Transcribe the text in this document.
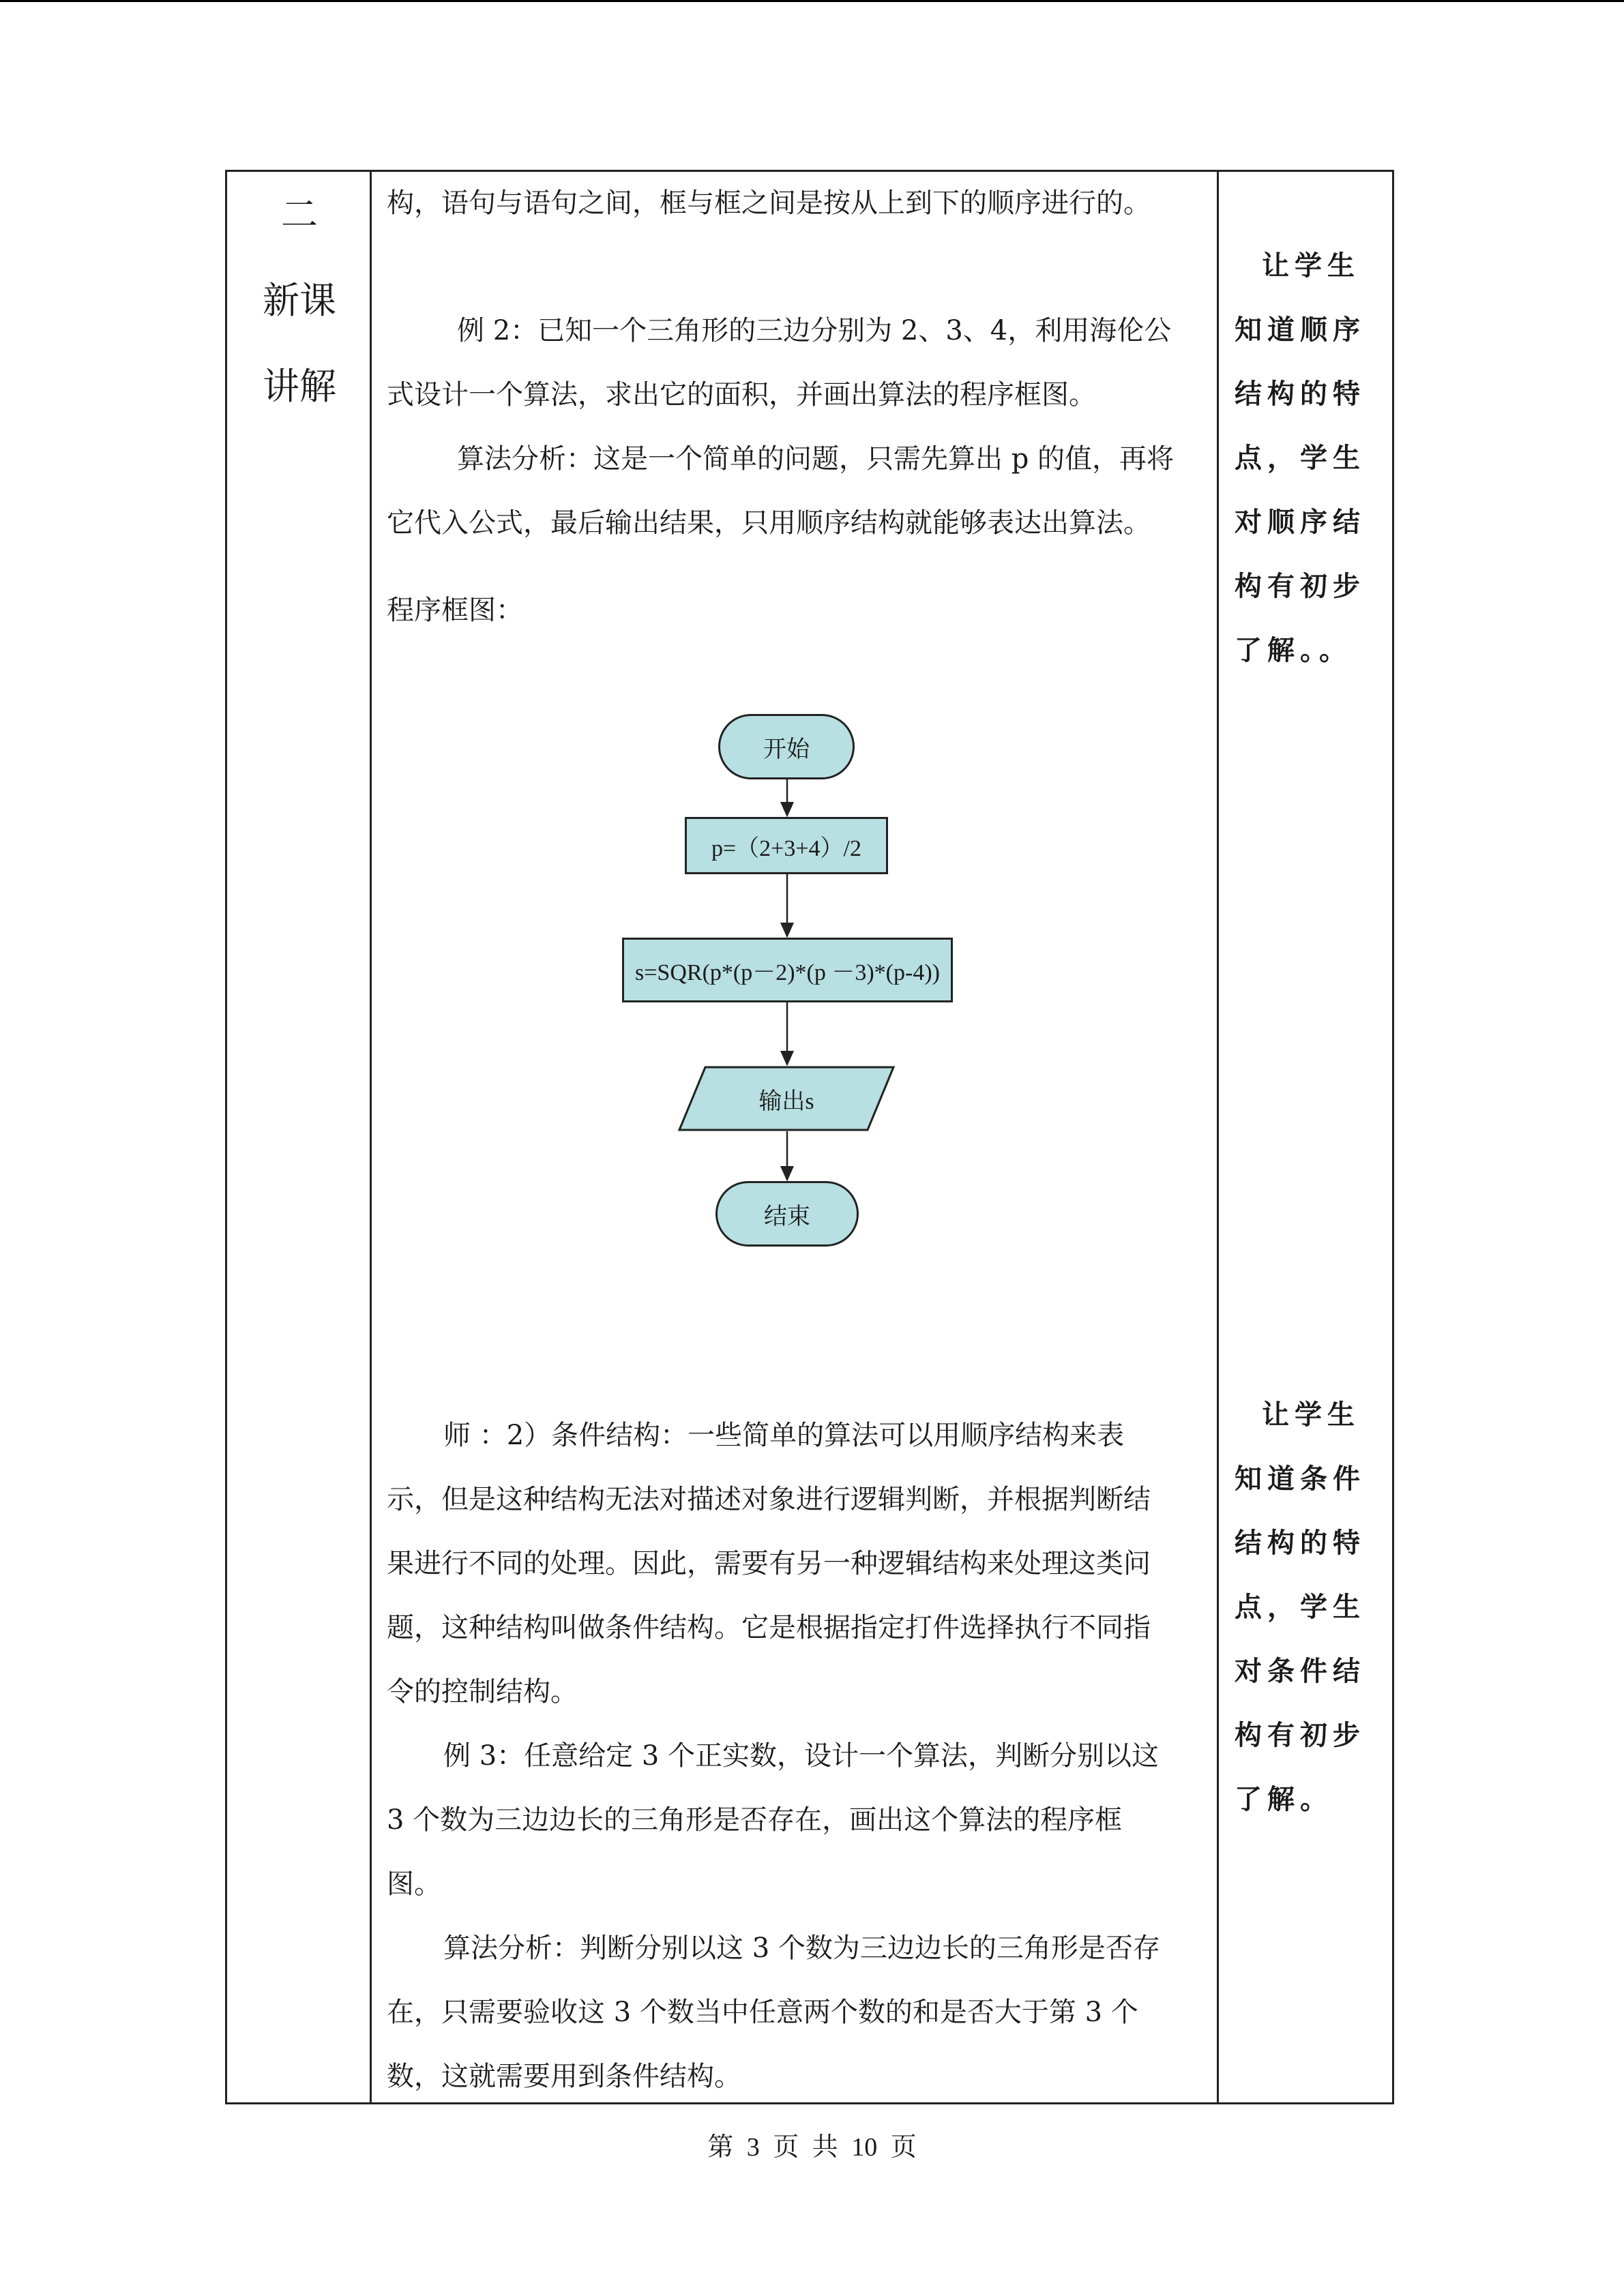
二
新课
讲解
构，语句与语句之间，框与框之间是按从上到下的顺序进行的。
例 2：已知一个三角形的三边分别为 2、3、4，利用海伦公
式设计一个算法，求出它的面积，并画出算法的程序框图。
算法分析：这是一个简单的问题，只需先算出 p 的值，再将
它代入公式，最后输出结果，只用顺序结构就能够表达出算法。
程序框图：
开始
p=（2+3+4）/2
s=SQR(p*(p－2)*(p －3)*(p-4))
输出s
结束
师 ：2）条件结构：一些简单的算法可以用顺序结构来表
示，但是这种结构无法对描述对象进行逻辑判断，并根据判断结
果进行不同的处理。因此，需要有另一种逻辑结构来处理这类问
题，这种结构叫做条件结构。它是根据指定打件选择执行不同指
令的控制结构。
例 3：任意给定 3 个正实数，设计一个算法，判断分别以这
3 个数为三边边长的三角形是否存在，画出这个算法的程序框
图。
算法分析：判断分别以这 3 个数为三边边长的三角形是否存
在，只需要验收这 3 个数当中任意两个数的和是否大于第 3 个
数，这就需要用到条件结构。
让学生
知道顺序
结构的特
点，学生
对顺序结
构有初步
了解。。
让学生
知道条件
结构的特
点，学生
对条件结
构有初步
了解。
第 3 页 共 10 页
